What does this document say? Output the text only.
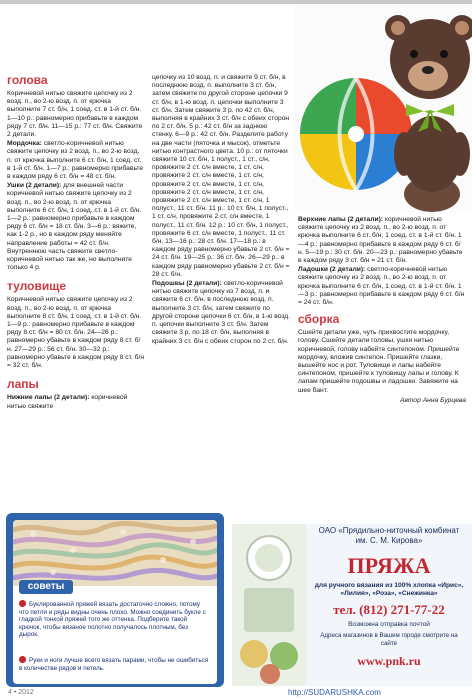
голова

Коричневой нитью свяжите цепочку из 2 возд. п., во 2-ю возд. п. от крючка выполните 7 ст. б/н, 1 соед. ст. в 1-й ст. б/н. 1—10 р.: равномерно прибавьте в каждом ряду 7 ст. б/н. 11—15 р.: 77 ст. б/н. Свяжите 2 детали.

Мордочка: светло-коричневой нитью свяжите цепочку из 2 возд. п., во 2-ю возд. п. от крючка выполните 6 ст. б/н, 1 соед. ст. в 1-й ст. б/н. 1—7 р.: равномерно прибавьте в каждом ряду 6 ст. б/н = 48 ст. б/н.

Ушки (2 детали): для внешней части коричневой нитью свяжите цепочку из 2 возд. п., во 2-ю возд. п. от крючка выполните 6 ст. б/н, 1 соед. ст. в 1-й ст. б/н. 1—2 р.: равномерно прибавьте в каждом ряду 6 ст. б/н = 18 ст. б/н. 3—6 р.: вяжите, как 1-2 р., но в каждом ряду меняйте направление работы = 42 ст. б/н. Внутреннюю часть свяжите светло-коричневой нитью так же, но выполните только 4 р.

туловище

Коричневой нитью свяжите цепочку из 2 возд. п., во 2-ю возд. п. от крючка выполните 8 ст. б/н, 1 соед. ст. в 1-й ст. б/н. 1—9 р.: равномерно прибавьте в каждом ряду 8 ст. б/н = 80 ст. б/н. 24—26 р.: равномерно убавьте в каждом ряду 8 ст. б/н. 27—29 р.: 56 ст. б/н. 30—32 р.: равномерно убавьте в каждом ряду 8 ст. б/н = 32 ст. б/н.

лапы

Нижние лапы (2 детали): коричневой нитью свяжите

цепочку из 10 возд. п. и свяжите 9 ст. б/н, в последнюю возд. п. выполните 3 ст. б/н, затем свяжите по другой стороне цепочки 9 ст. б/н, в 1-ю возд. п. цепочки выполните 3 ст. б/н. Затем свяжите 3 р. по 42 ст. б/н, выполняя в крайних 3 ст. б/н с обеих сторон по 2 ст. б/н. 5 р.: 42 ст. б/н за заднюю стенку. 6—9 р.: 42 ст. б/н. Разделите работу на две части (пяточка и мысок), отметьте нитью контрастного цвета. 10 р.: от пяточки свяжите 10 ст. б/н, 1 полуст., 1 ст., с/н, провяжите 2 ст. с/н вместе, 1 ст. с/н, провяжите 2 ст. с/н вместе, 1 ст. с/н, провяжите 2 ст. с/н вместе, 1 ст. с/н, провяжите 2 ст. с/н вместе, 1 ст. с/н, провяжите 2 ст. с/н вместе, 1 ст. с/н, 1 полуст., 11 ст. б/н. 11 р.: 10 ст. б/н, 1 полуст., 1 ст. с/н, провяжите 2 ст. с/н вместе, 1 полуст., 11 ст. б/н. 12 р.: 10 ст. б/н, 1 полуст., провяжите 6 ст. с/н вместе, 1 полуст., 11 ст. б/н. 13—16 р.: 28 ст. б/н. 17—18 р.: в каждом ряду равномерно убавьте 2 ст. б/н = 24 ст. б/н. 19—25 р.: 36 ст. б/н. 26—29 р.: в каждом ряду равномерно убавьте 2 ст. б/н = 28 ст. б/н.

Подошвы (2 детали): светло-коричневой нитью свяжите цепочку из 7 возд. п. и свяжите 6 ст. б/н, в последнюю возд. п. выполните 3 ст. б/н, затем свяжите по другой стороне цепочки 6 ст. б/н, в 1-ю возд. п. цепочки выполните 3 ст. б/н. Затем свяжите 3 р. по 18 ст. б/н, выполняя в крайних 3 ст. б/н с обеих сторон по 2 ст. б/н.

Верхние лапы (2 детали): коричневой нитью свяжите цепочку из 2 возд. п., во 2-ю возд. п. от крючка выполните 6 ст. б/н, 1 соед. ст. в 1-й ст. б/н. 1—4 р.: равномерно прибавьте в каждом ряду 6 ст. б/н. 5—19 р.: 30 ст. б/н. 20—23 р.: равномерно убавьте в каждом ряду 3 ст. б/н = 21 ст. б/н.

Ладошки (2 детали): светло-коричневой нитью свяжите цепочку из 2 возд. п., во 2-ю возд. п. от крючка выполните 6 ст. б/н, 1 соед. ст. в 1-й ст. б/н. 1—3 р.: равномерно прибавьте в каждом ряду 6 ст. б/н = 24 ст. б/н.

сборка

Сшейте детали уже, чуть прихвостите мордочку, голову. Сшейте детали головы, ушки нитью коричневой, голову набейте синтепоном. Пришейте мордочку, вложив синтепон. Пришейте глазки, вышейте нос и рот. Туловище и лапы набейте синтепоном, пришейте к туловищу лапы и голову. К лапам пришейте подошвы и ладошки. Завяжите на шее бант.

Автор Анна Бурцева

советы
Буклированной пряжей вязать достаточно сложно, потому что петли и ряды видны очень плохо. Можно соединить букле с гладкой тонкой пряжей того же оттенка. Подберите такой крючок, чтобы вязаное полотно получалось плотным, без дырок.
Руки и ноги лучше всего вязать парами, чтобы не ошибиться в количестве рядов и петель.
ОАО «Прядильно-ниточный комбинат им. С. М. Кирова»
ПРЯЖА
для ручного вязания из 100% хлопка «Ирис», «Лилия», «Роза», «Снежинка»
тел. (812) 271-77-22
Возможна отправка почтой
Адреса магазинов в Вашем городе смотрите на сайте
www.pnk.ru
4 • 2012	http://SUDARUSHKA.com
